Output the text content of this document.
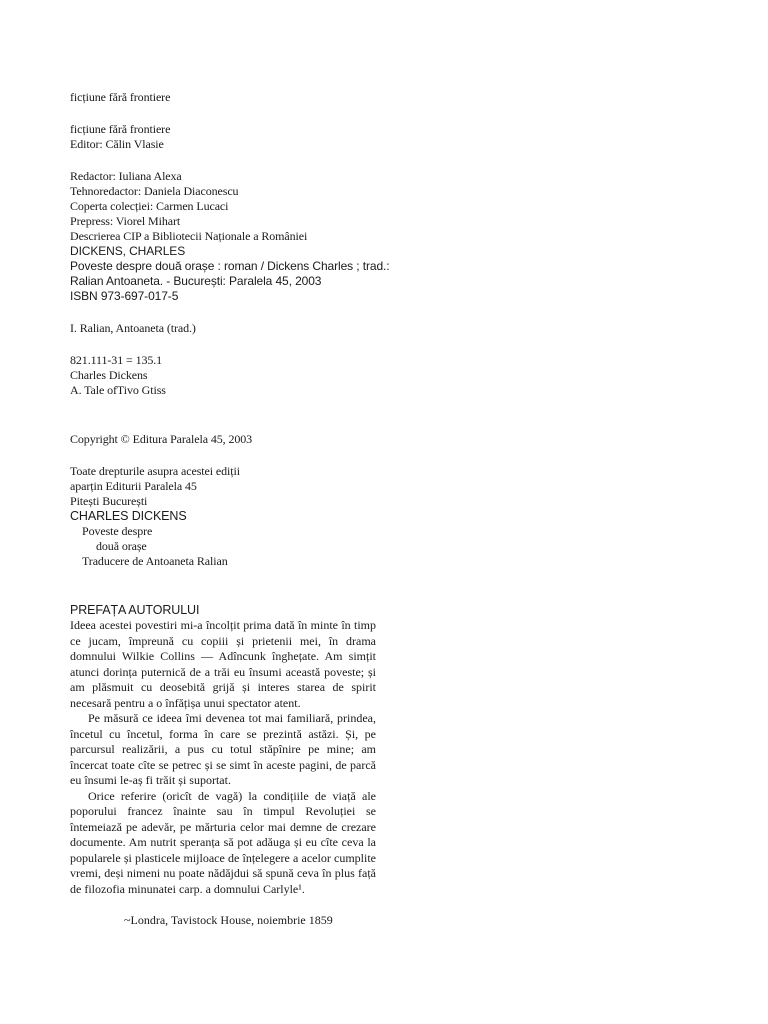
ficțiune fără frontiere
ficțiune fără frontiere
Editor: Călin Vlasie
Redactor: Iuliana Alexa
Tehnoredactor: Daniela Diaconescu
Coperta colecției: Carmen Lucaci
Prepress: Viorel Mihart
Descrierea CIP a Bibliotecii Naționale a României
DICKENS, CHARLES
Poveste despre două orașe : roman / Dickens Charles ; trad.:
Ralian Antoaneta. - București: Paralela 45, 2003
ISBN 973-697-017-5
I. Ralian, Antoaneta (trad.)
821.111-31 = 135.1
Charles Dickens
A. Tale ofTivo Gtiss
Copyright © Editura Paralela 45, 2003
Toate drepturile asupra acestei ediții
aparțin Editurii Paralela 45
Pitești București
CHARLES DICKENS
Poveste despre
două orașe
Traducere de Antoaneta Ralian
PREFAȚA AUTORULUI

Ideea acestei povestiri mi-a încolțit prima dată în minte în timp ce jucam, împreună cu copiii și prietenii mei, în drama domnului Wilkie Collins — Adîncunk înghețate. Am simțit atunci dorința puternică de a trăi eu însumi această poveste; și am plăsmuit cu deosebită grijă și interes starea de spirit necesară pentru a o înfățișa unui spectator atent.

Pe măsură ce ideea îmi devenea tot mai familiară, prindea, încetul cu încetul, forma în care se prezintă astăzi. Și, pe parcursul realizării, a pus cu totul stăpînire pe mine; am încercat toate cîte se petrec și se simt în aceste pagini, de parcă eu însumi le-aș fi trăit și suportat.

Orice referire (oricît de vagă) la condițiile de viață ale poporului francez înainte sau în timpul Revoluției se întemeiază pe adevăr, pe mărturia celor mai demne de crezare documente. Am nutrit speranța să pot adăuga și eu cîte ceva la popularele și plasticele mijloace de înțelegere a acelor cumplite vremi, deși nimeni nu poate nădăjdui să spună ceva în plus față de filozofia minunatei carp. a domnului Carlyle¹.

~Londra, Tavistock House, noiembrie 1859
